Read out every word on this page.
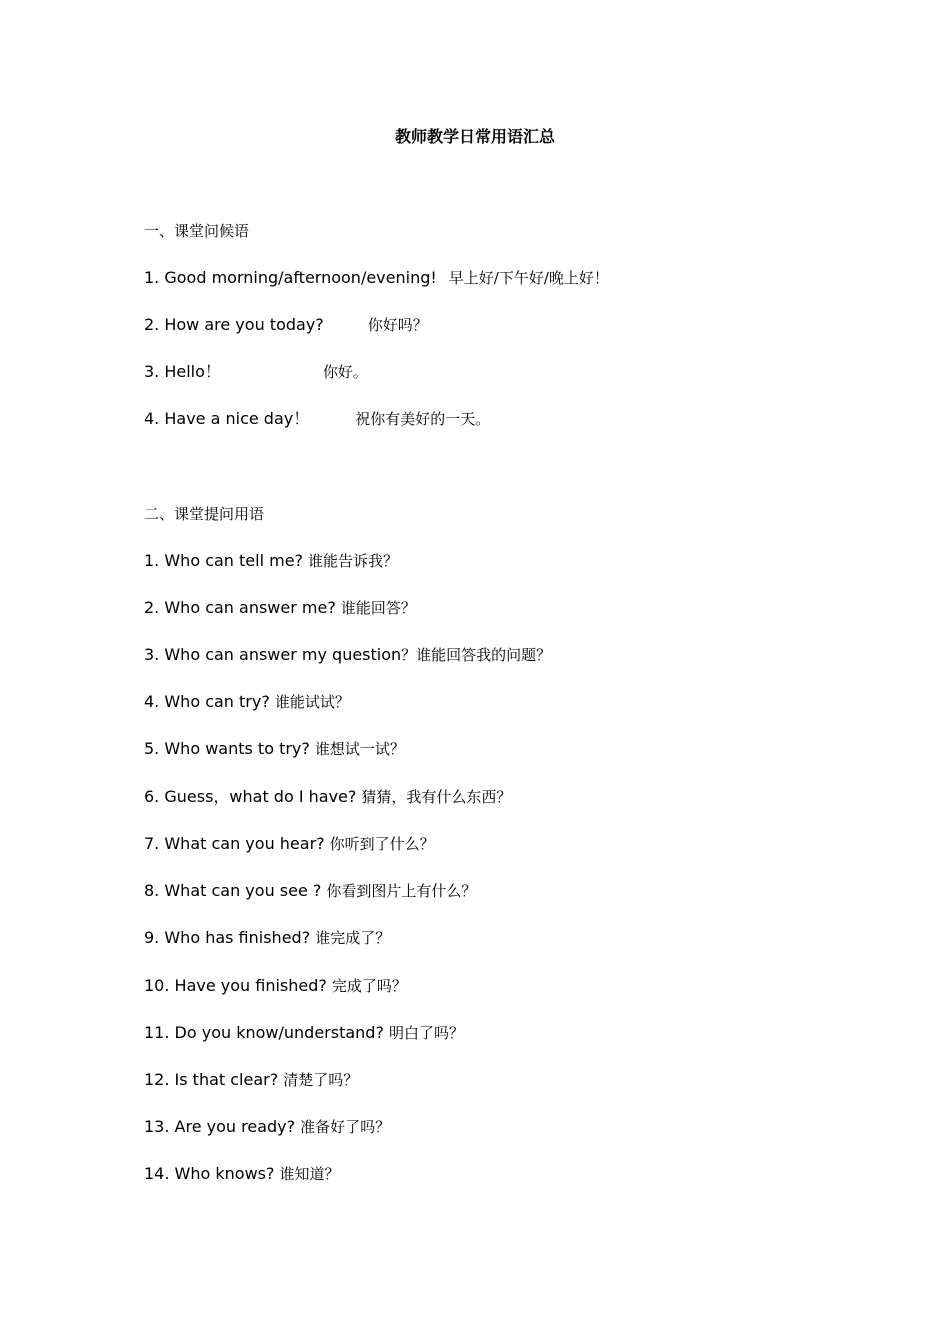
教师教学日常用语汇总
一、课堂问候语
1. Good morning/afternoon/evening! 早上好/下午好/晚上好！
2. How are you today?	你好吗？
3. Hello！	你好。
4. Have a nice day！	祝你有美好的一天。
二、课堂提问用语
1. Who can tell me? 谁能告诉我？
2. Who can answer me? 谁能回答？
3. Who can answer my question？谁能回答我的问题？
4. Who can try? 谁能试试？
5. Who wants to try? 谁想试一试？
6. Guess，what do I have? 猜猜，我有什么东西？
7. What can you hear? 你听到了什么？
8. What can you see ? 你看到图片上有什么？
9. Who has finished? 谁完成了？
10. Have you finished? 完成了吗？
11. Do you know/understand? 明白了吗？
12. Is that clear? 清楚了吗？
13. Are you ready? 准备好了吗？
14. Who knows? 谁知道？
